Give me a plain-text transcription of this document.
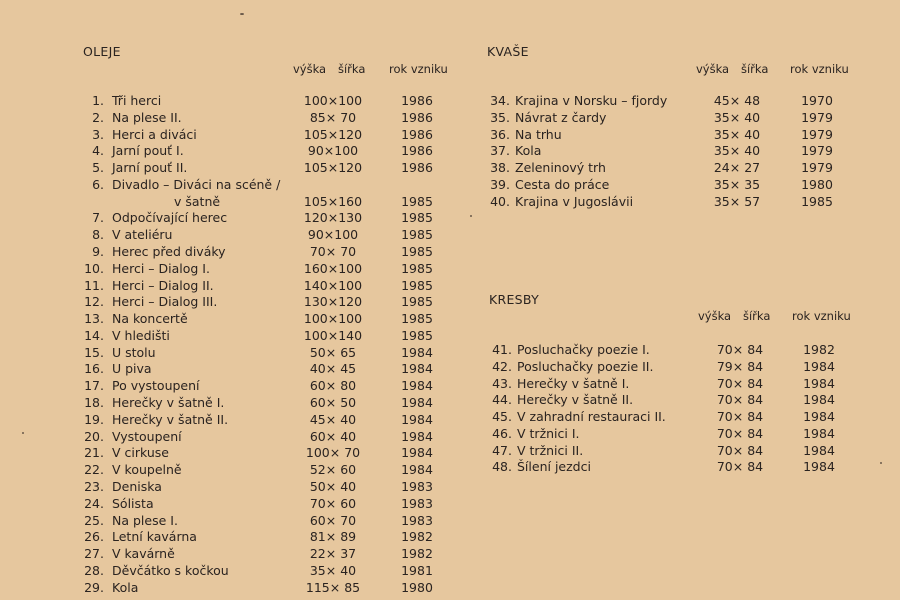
OLEJE
výška šířka rok vzniku
1. Tři herci	100×100	1986
2. Na plese II.	85× 70	1986
3. Herci a diváci	105×120	1986
4. Jarní pouť I.	90×100	1986
5. Jarní pouť II.	105×120	1986
6. Divadlo – Diváci na scéně /
v šatně	105×160	1985
7. Odpočívající herec	120×130	1985
8. V ateliéru	90×100	1985
9. Herec před diváky	70× 70	1985
10. Herci – Dialog I.	160×100	1985
11. Herci – Dialog II.	140×100	1985
12. Herci – Dialog III.	130×120	1985
13. Na koncertě	100×100	1985
14. V hledišti	100×140	1985
15. U stolu	50× 65	1984
16. U piva	40× 45	1984
17. Po vystoupení	60× 80	1984
18. Herečky v šatně I.	60× 50	1984
19. Herečky v šatně II.	45× 40	1984
20. Vystoupení	60× 40	1984
21. V cirkuse	100× 70	1984
22. V koupelně	52× 60	1984
23. Deniska	50× 40	1983
24. Sólista	70× 60	1983
25. Na plese I.	60× 70	1983
26. Letní kavárna	81× 89	1982
27. V kavárně	22× 37	1982
28. Děvčátko s kočkou	35× 40	1981
29. Kola	115× 85	1980
KVAŠE
výška šířka rok vzniku
34. Krajina v Norsku – fjordy	45× 48	1970
35. Návrat z čardy	35× 40	1979
36. Na trhu	35× 40	1979
37. Kola	35× 40	1979
38. Zeleninový trh	24× 27	1979
39. Cesta do práce	35× 35	1980
40. Krajina v Jugoslávii	35× 57	1985
KRESBY
výška šířka rok vzniku
41. Posluchačky poezie I.	70× 84	1982
42. Posluchačky poezie II.	79× 84	1984
43. Herečky v šatně I.	70× 84	1984
44. Herečky v šatně II.	70× 84	1984
45. V zahradní restauraci II.	70× 84	1984
46. V tržnici I.	70× 84	1984
47. V tržnici II.	70× 84	1984
48. Šílení jezdci	70× 84	1984
